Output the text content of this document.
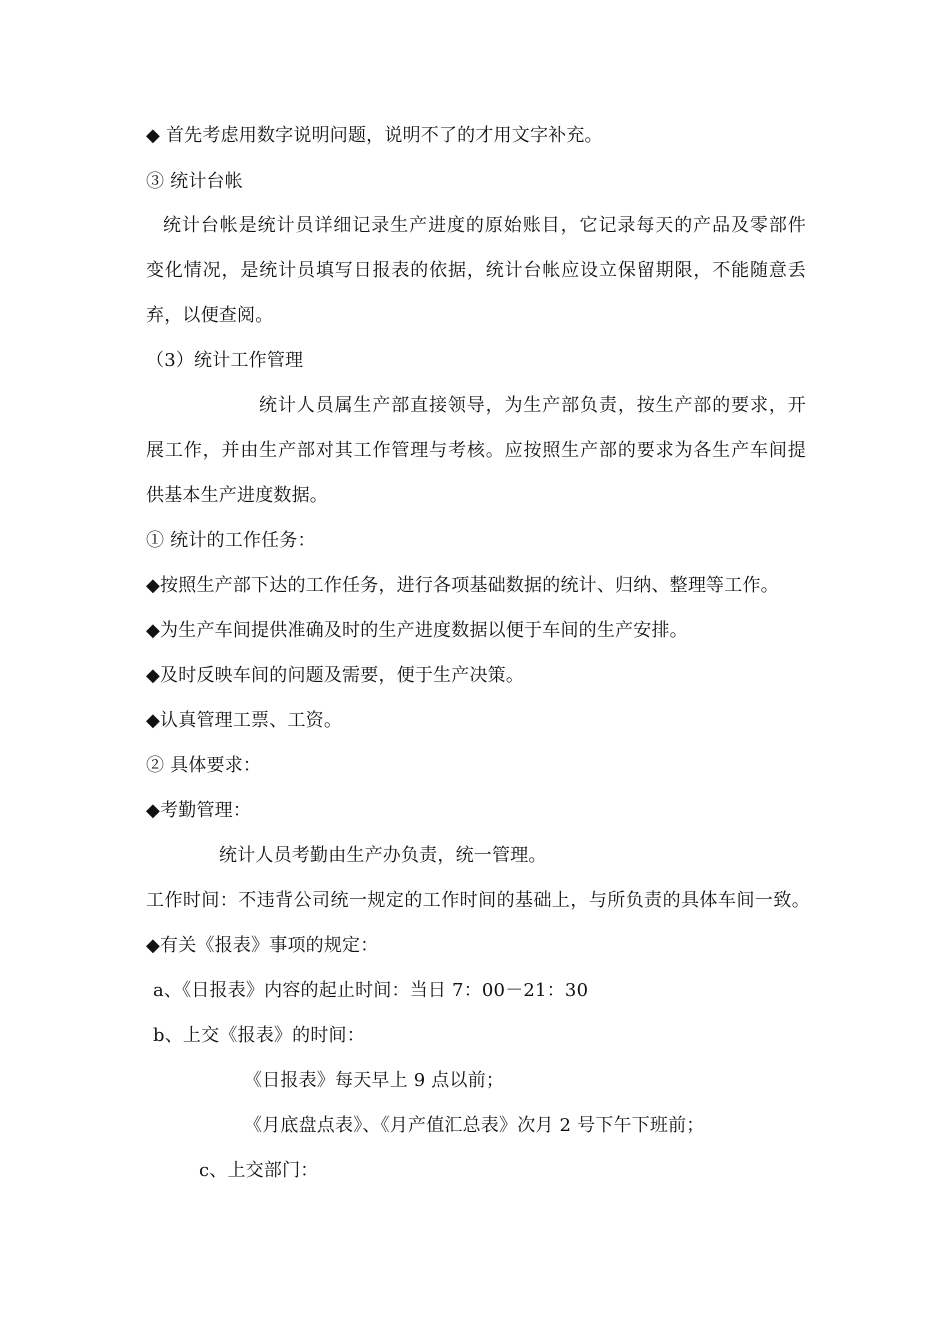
◆ 首先考虑用数字说明问题，说明不了的才用文字补充。
③ 统计台帐
统计台帐是统计员详细记录生产进度的原始账目，它记录每天的产品及零部件
变化情况，是统计员填写日报表的依据，统计台帐应设立保留期限，不能随意丢
弃，以便查阅。
（3）统计工作管理
统计人员属生产部直接领导，为生产部负责，按生产部的要求，开
展工作，并由生产部对其工作管理与考核。应按照生产部的要求为各生产车间提
供基本生产进度数据。
① 统计的工作任务：
◆按照生产部下达的工作任务，进行各项基础数据的统计、归纳、整理等工作。
◆为生产车间提供准确及时的生产进度数据以便于车间的生产安排。
◆及时反映车间的问题及需要，便于生产决策。
◆认真管理工票、工资。
② 具体要求：
◆考勤管理：
统计人员考勤由生产办负责，统一管理。
工作时间：不违背公司统一规定的工作时间的基础上，与所负责的具体车间一致。
◆有关《报表》事项的规定：
a、《日报表》内容的起止时间：当日 7：00－21：30
b、上交《报表》的时间：
《日报表》每天早上 9 点以前；
《月底盘点表》、《月产值汇总表》次月 2 号下午下班前；
c、上交部门：
